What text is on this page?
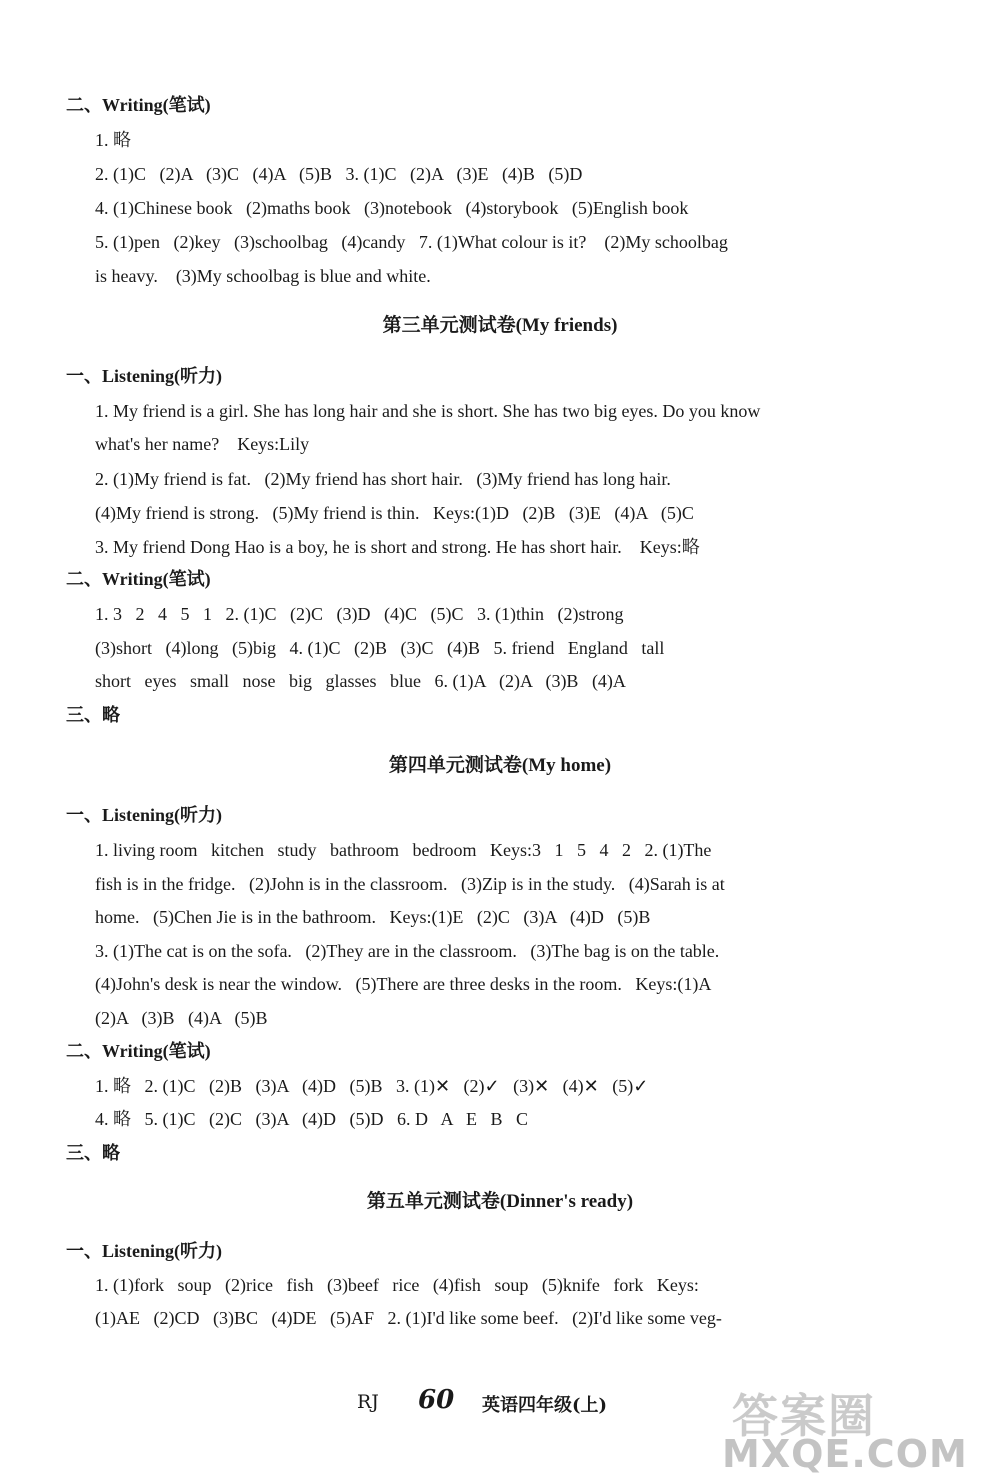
二、Writing(笔试)
1. 略
2. (1)C   (2)A   (3)C   (4)A   (5)B   3. (1)C   (2)A   (3)E   (4)B   (5)D
4. (1)Chinese book   (2)maths book   (3)notebook   (4)storybook   (5)English book
5. (1)pen   (2)key   (3)schoolbag   (4)candy   7. (1)What colour is it?    (2)My schoolbag
is heavy.    (3)My schoolbag is blue and white.
第三单元测试卷(My friends)
一、Listening(听力)
1. My friend is a girl. She has long hair and she is short. She has two big eyes. Do you know
what's her name?    Keys:Lily
2. (1)My friend is fat.   (2)My friend has short hair.   (3)My friend has long hair.
(4)My friend is strong.   (5)My friend is thin.   Keys:(1)D   (2)B   (3)E   (4)A   (5)C
3. My friend Dong Hao is a boy, he is short and strong. He has short hair.    Keys:略
二、Writing(笔试)
1. 3   2   4   5   1   2. (1)C   (2)C   (3)D   (4)C   (5)C   3. (1)thin   (2)strong
(3)short   (4)long   (5)big   4. (1)C   (2)B   (3)C   (4)B   5. friend   England   tall
short   eyes   small   nose   big   glasses   blue   6. (1)A   (2)A   (3)B   (4)A
三、略
第四单元测试卷(My home)
一、Listening(听力)
1. living room   kitchen   study   bathroom   bedroom   Keys:3   1   5   4   2   2. (1)The
fish is in the fridge.   (2)John is in the classroom.   (3)Zip is in the study.   (4)Sarah is at
home.   (5)Chen Jie is in the bathroom.   Keys:(1)E   (2)C   (3)A   (4)D   (5)B
3. (1)The cat is on the sofa.   (2)They are in the classroom.   (3)The bag is on the table.
(4)John's desk is near the window.   (5)There are three desks in the room.   Keys:(1)A
(2)A   (3)B   (4)A   (5)B
二、Writing(笔试)
1. 略   2. (1)C   (2)B   (3)A   (4)D   (5)B   3. (1)✕   (2)✓   (3)✕   (4)✕   (5)✓
4. 略   5. (1)C   (2)C   (3)A   (4)D   (5)D   6. D   A   E   B   C
三、略
第五单元测试卷(Dinner's ready)
一、Listening(听力)
1. (1)fork   soup   (2)rice   fish   (3)beef   rice   (4)fish   soup   (5)knife   fork   Keys:
(1)AE   (2)CD   (3)BC   (4)DE   (5)AF   2. (1)I'd like some beef.   (2)I'd like some veg-
RJ 60 英语四年级(上)	答案圈
MXQE.COM
